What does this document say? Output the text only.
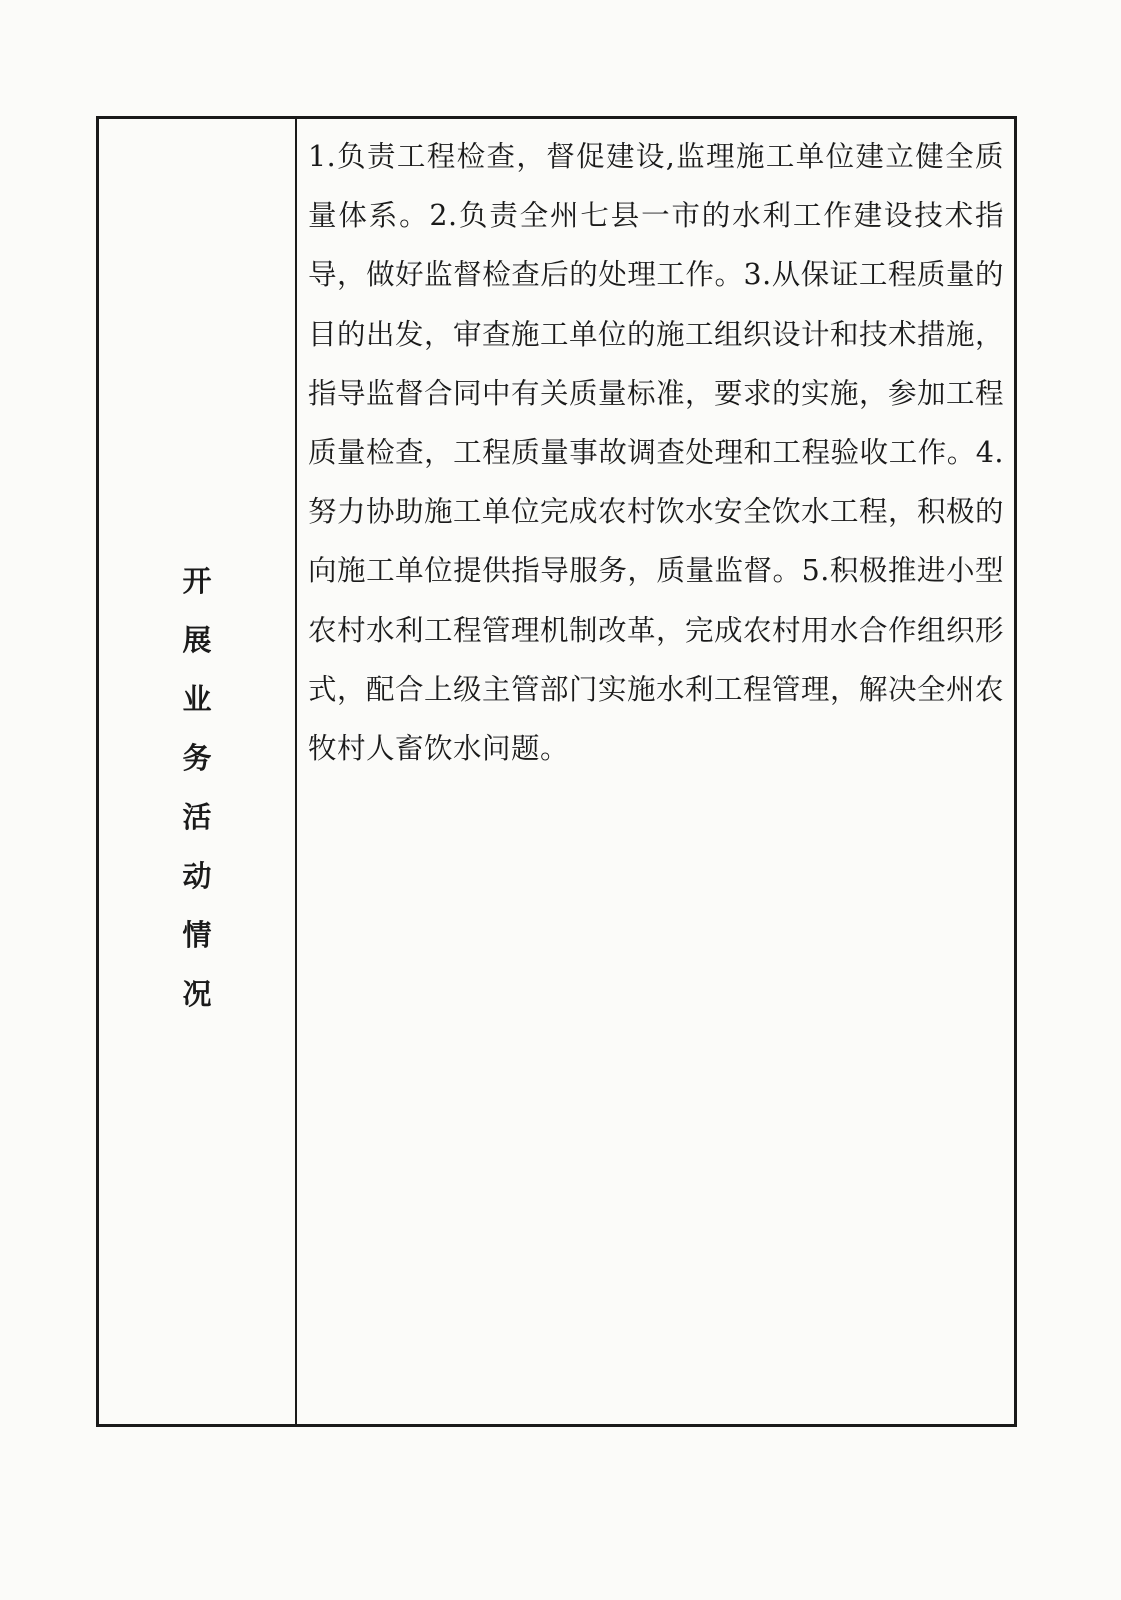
开
展
业
务
活
动
情
况

1.负责工程检查，督促建设,监理施工单位建立健全质量体系。2.负责全州七县一市的水利工作建设技术指导，做好监督检查后的处理工作。3.从保证工程质量的目的出发，审查施工单位的施工组织设计和技术措施，指导监督合同中有关质量标准，要求的实施，参加工程质量检查，工程质量事故调查处理和工程验收工作。4.努力协助施工单位完成农村饮水安全饮水工程，积极的向施工单位提供指导服务，质量监督。5.积极推进小型农村水利工程管理机制改革，完成农村用水合作组织形式，配合上级主管部门实施水利工程管理，解决全州农牧村人畜饮水问题。
